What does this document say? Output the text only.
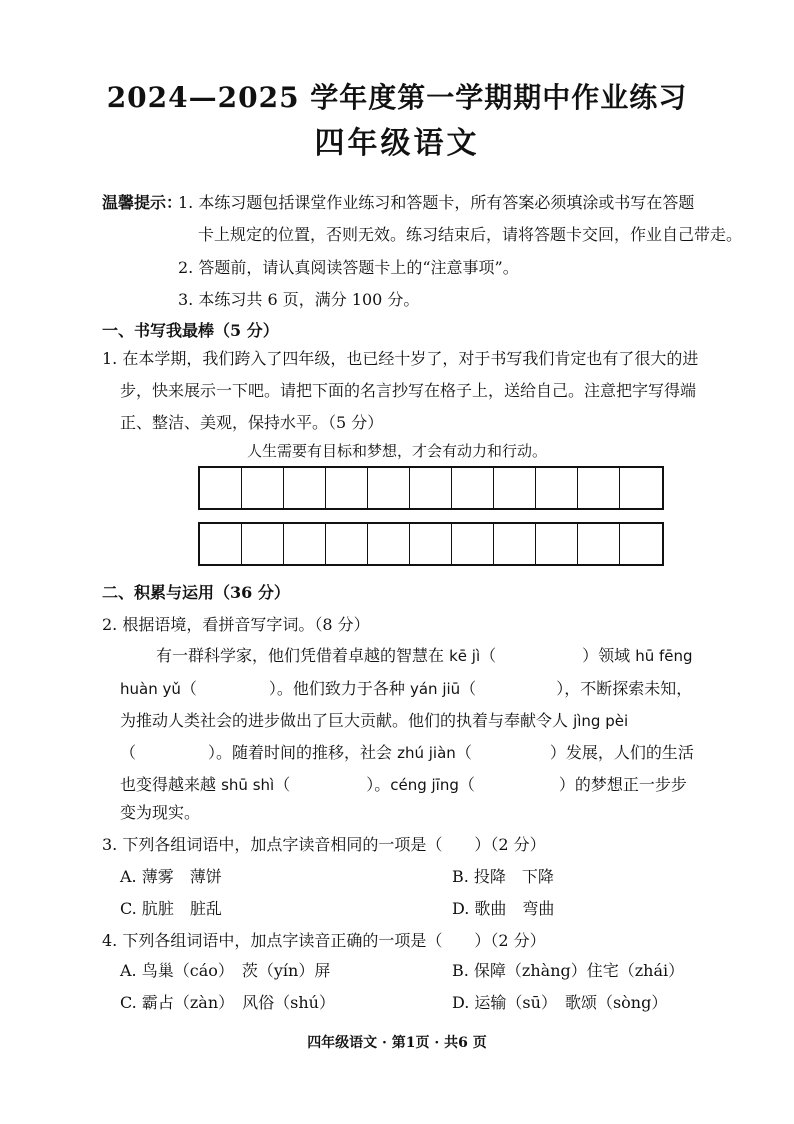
2024—2025 学年度第一学期期中作业练习
四年级语文
温馨提示：
1. 本练习题包括课堂作业练习和答题卡，所有答案必须填涂或书写在答题
卡上规定的位置，否则无效。练习结束后，请将答题卡交回，作业自己带走。
2. 答题前，请认真阅读答题卡上的“注意事项”。
3. 本练习共 6 页，满分 100 分。
一、书写我最棒（5 分）
1. 在本学期，我们跨入了四年级，也已经十岁了，对于书写我们肯定也有了很大的进
步，快来展示一下吧。请把下面的名言抄写在格子上，送给自己。注意把字写得端
正、整洁、美观，保持水平。（5 分）
人生需要有目标和梦想，才会有动力和行动。
二、积累与运用（36 分）
2. 根据语境，看拼音写字词。（8 分）
有一群科学家，他们凭借着卓越的智慧在 kē jì（	）领域 hū fēng
huàn yǔ（	）。他们致力于各种 yán jiū（	），不断探索未知，
为推动人类社会的进步做出了巨大贡献。他们的执着与奉献令人 jìng pèi
（	）。随着时间的推移，社会 zhú jiàn（	）发展，人们的生活
也变得越来越 shū shì（	）。céng jīng（	）的梦想正一步步
变为现实。
3. 下列各组词语中，加点字读音相同的一项是（　　）（2 分）
A. 薄雾　薄饼	B. 投降　下降
C. 肮脏　脏乱	D. 歌曲　弯曲
4. 下列各组词语中，加点字读音正确的一项是（　　）（2 分）
A. 鸟巢（cáo）　茨（yín）屏	B. 保障（zhàng）住宅（zhái）
C. 霸占（zàn）　风俗（shú）	D. 运输（sū）　歌颂（sòng）
四年级语文 · 第1页 · 共6 页
